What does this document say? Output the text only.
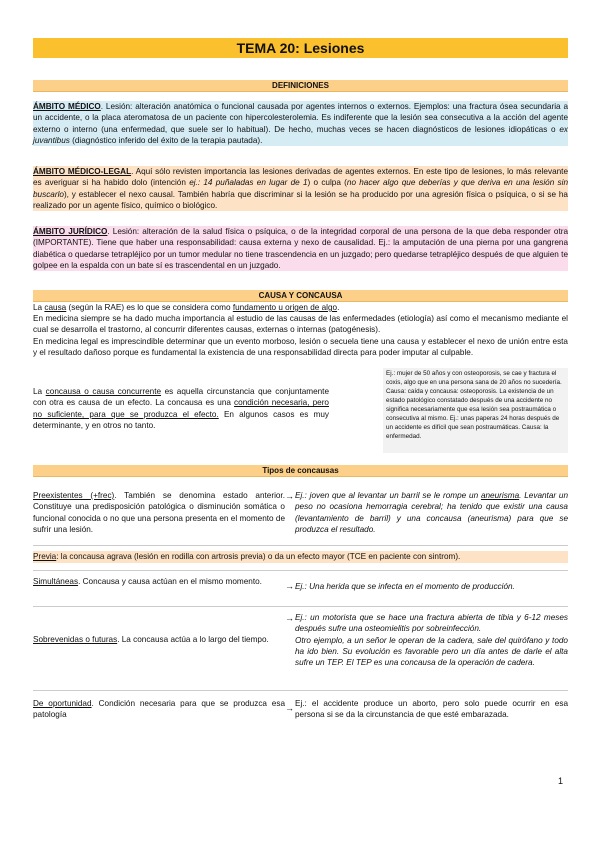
TEMA 20: Lesiones
DEFINICIONES
ÁMBITO MÉDICO. Lesión: alteración anatómica o funcional causada por agentes internos o externos. Ejemplos: una fractura ósea secundaria a un accidente, o la placa ateromatosa de un paciente con hipercolesterolemia. Es indiferente que la lesión sea consecutiva a la acción del agente externo o interno (una enfermedad, que suele ser lo habitual). De hecho, muchas veces se hacen diagnósticos de lesiones idiopáticas o ex juvantibus (diagnóstico inferido del éxito de la terapia pautada).
ÁMBITO MÉDICO-LEGAL. Aquí sólo revisten importancia las lesiones derivadas de agentes externos. En este tipo de lesiones, lo más relevante es averiguar si ha habido dolo (intención ej.: 14 puñaladas en lugar de 1) o culpa (no hacer algo que deberías y que deriva en una lesión sin buscarlo), y establecer el nexo causal. También habría que discriminar si la lesión se ha producido por una agresión física o psíquica, o si se ha realizado por un agente físico, químico o biológico.
ÁMBITO JURÍDICO. Lesión: alteración de la salud física o psíquica, o de la integridad corporal de una persona de la que deba responder otra (IMPORTANTE). Tiene que haber una responsabilidad: causa externa y nexo de causalidad. Ej.: la amputación de una pierna por una gangrena diabética o quedarse tetrapléjico por un tumor medular no tiene trascendencia en un juzgado; pero quedarse tetrapléjico después de que alguien te golpee en la espalda con un bate sí es trascendental en un juzgado.
CAUSA Y CONCAUSA
La causa (según la RAE) es lo que se considera como fundamento u origen de algo.
En medicina siempre se ha dado mucha importancia al estudio de las causas de las enfermedades (etiología) así como el mecanismo mediante el cual se desarrolla el trastorno, al concurrir diferentes causas, externas o internas (patogénesis).
En medicina legal es imprescindible determinar que un evento morboso, lesión o secuela tiene una causa y establecer el nexo de unión entre esta y el resultado dañoso porque es fundamental la existencia de una responsabilidad directa para poder imputar al culpable.
La concausa o causa concurrente es aquella circunstancia que conjuntamente con otra es causa de un efecto. La concausa es una condición necesaria, pero no suficiente, para que se produzca el efecto. En algunos casos es muy determinante, y en otros no tanto.
Ej.: mujer de 50 años y con osteoporosis, se cae y fractura el coxis, algo que en una persona sana de 20 años no sucedería. Causa: caída y concausa: osteoporosis. La existencia de un estado patológico constatado después de una accidente no significa necesariamente que esa lesión sea postraumática o consecutiva al mismo. Ej.: unas paperas 24 horas después de un accidente es difícil que sean postraumáticas. Causa: la enfermedad.
Tipos de concausas
Preexistentes (+frec). También se denomina estado anterior. Constituye una predisposición patológica o disminución somática o funcional conocida o no que una persona presenta en el momento de sufrir una lesión.
→ Ej.: joven que al levantar un barril se le rompe un aneurisma. Levantar un peso no ocasiona hemorragia cerebral; ha tenido que existir una causa (levantamiento de barril) y una concausa (aneurisma) para que se produzca el resultado.
Previa: la concausa agrava (lesión en rodilla con artrosis previa) o da un efecto mayor (TCE en paciente con sintrom).
Simultáneas. Concausa y causa actúan en el mismo momento.	→ Ej.: Una herida que se infecta en el momento de producción.
Sobrevenidas o futuras. La concausa actúa a lo largo del tiempo.
→ Ej.: un motorista que se hace una fractura abierta de tibia y 6-12 meses después sufre una osteomielitis por sobreinfección.
Otro ejemplo, a un señor le operan de la cadera, sale del quirófano y todo ha ido bien. Su evolución es favorable pero un día antes de darle el alta sufre un TEP. El TEP es una concausa de la operación de cadera.
De oportunidad. Condición necesaria para que se produzca esa patología
→ Ej.: el accidente produce un aborto, pero solo puede ocurrir en esa persona si se da la circunstancia de que esté embarazada.
1
